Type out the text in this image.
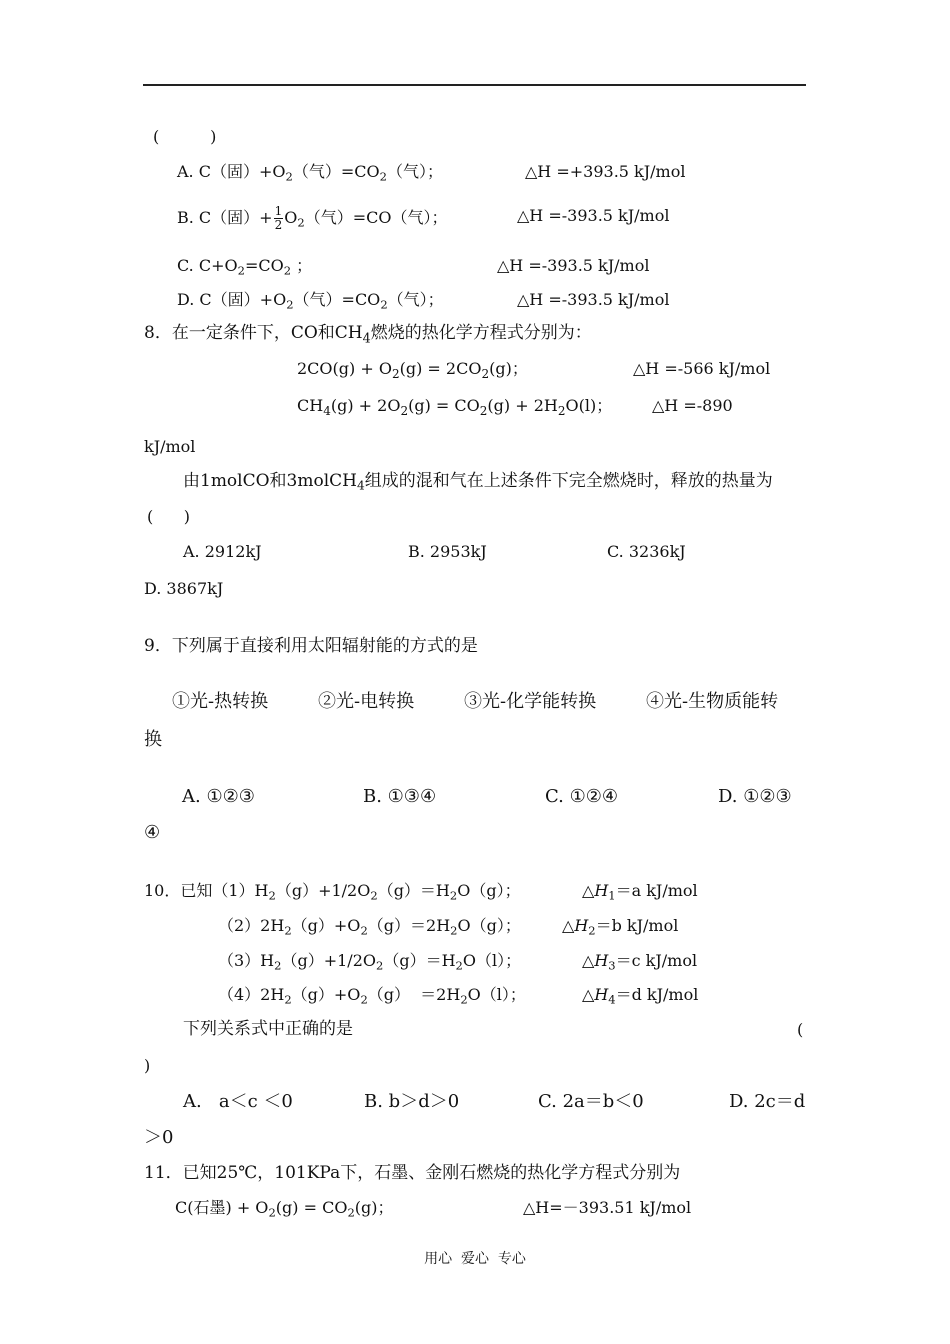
(          )
A. C（固）$+O_2$（气）$=CO_2$（气）；	△H =+393.5 kJ/mol
B. C（固）+ $\frac{1}{2} O_2$（气）=CO（气）；	△H =-393.5 kJ/mol
C. $C+O_2=CO_2$ ；	△H =-393.5 kJ/mol
D. C（固）$+O_2$（气）$=CO_2$（气）；	△H =-393.5 kJ/mol
8．在一定条件下，CO和$CH_4$燃烧的热化学方程式分别为：
$2CO(g) + O_2(g) = 2CO_2(g)$；	△H =-566 kJ/mol
$CH_4(g) + 2O_2(g) = CO_2(g) + 2H_2O(l)$； △H =-890
kJ/mol
由1molCO和3molCH$_4$组成的混和气在上述条件下完全燃烧时，释放的热量为
(      )
A. 2912kJ	B. 2953kJ	C. 3236kJ
D. 3867kJ
9．下列属于直接利用太阳辐射能的方式的是
①光-热转换	②光-电转换	③光-化学能转换	④光-生物质能转
换
A. ①②③	B. ①③④	C. ①②④	D. ①②③
④
10．已知$(1)H_2(g)+1/2O_2(g)=H_2O(g)$；	$\triangle H_1=a$ kJ/mol
$(2)2H_2(g)+O_2(g)=2H_2O(g)$；	$\triangle H_2=b$ kJ/mol
$(3)H_2(g)+1/2O_2(g)=H_2O(l)$；	$\triangle H_3=c$ kJ/mol
$(4)2H_2(g)+O_2(g) =2H_2O(l)$；	$\triangle H_4=d$ kJ/mol
下列关系式中正确的是	(
)
A.   a＜c ＜0	B. b＞d＞0	C. 2a＝b＜0	D. 2c＝d
＞0
11．已知25℃，101KPa下，石墨、金刚石燃烧的热化学方程式分别为
C(石墨) + $O_2(g) = CO_2(g)$；	△H=－393.51 kJ/mol
用心  爱心  专心
